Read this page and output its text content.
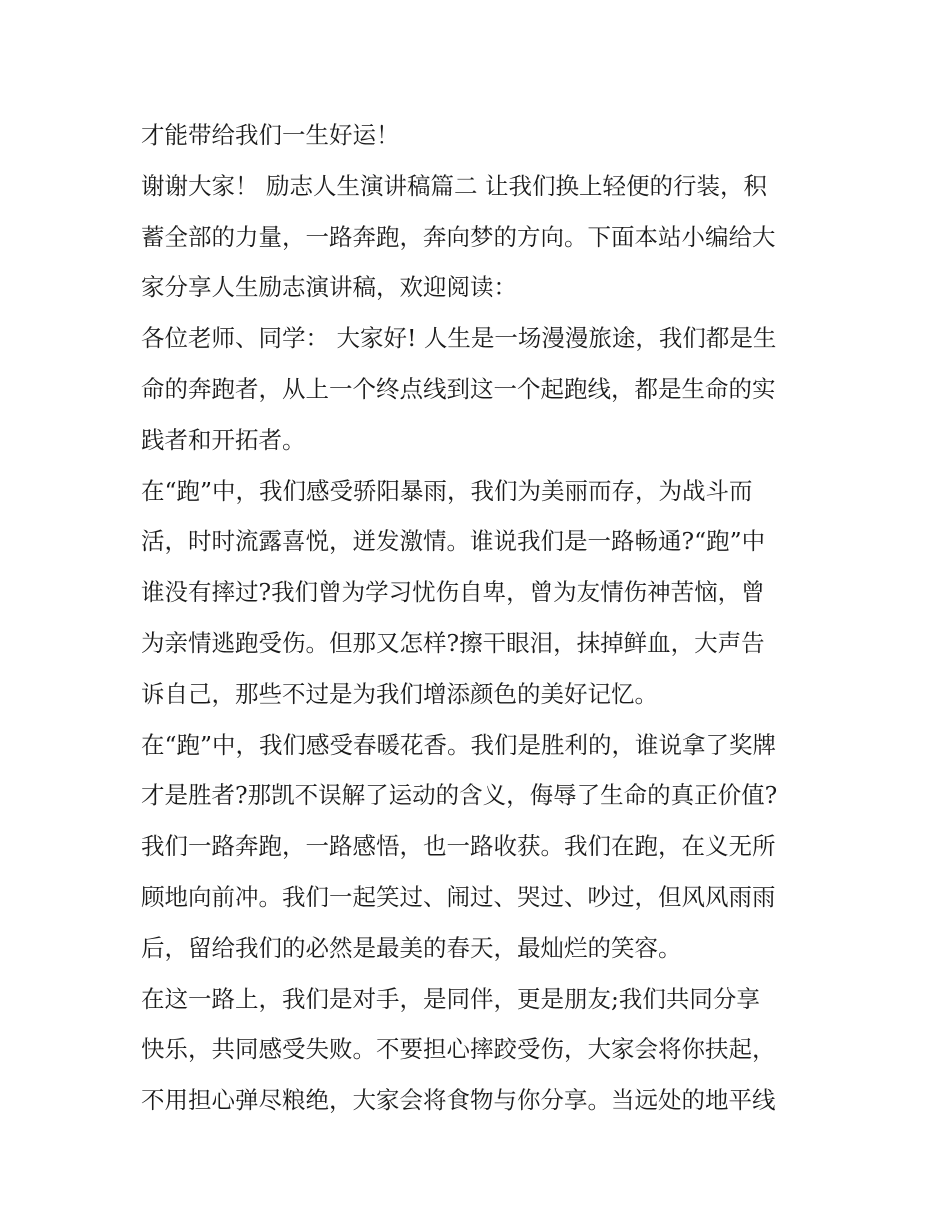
才能带给我们一生好运！
谢谢大家！ 励志人生演讲稿篇二 让我们换上轻便的行装，积
蓄全部的力量，一路奔跑，奔向梦的方向。下面本站小编给大
家分享人生励志演讲稿，欢迎阅读：
各位老师、同学： 大家好! 人生是一场漫漫旅途，我们都是生
命的奔跑者，从上一个终点线到这一个起跑线，都是生命的实
践者和开拓者。
在“跑”中，我们感受骄阳暴雨，我们为美丽而存，为战斗而
活，时时流露喜悦，迸发激情。谁说我们是一路畅通?“跑”中
谁没有摔过?我们曾为学习忧伤自卑，曾为友情伤神苦恼，曾
为亲情逃跑受伤。但那又怎样?擦干眼泪，抹掉鲜血，大声告
诉自己，那些不过是为我们增添颜色的美好记忆。
在“跑”中，我们感受春暖花香。我们是胜利的，谁说拿了奖牌
才是胜者?那凯不误解了运动的含义，侮辱了生命的真正价值?
我们一路奔跑，一路感悟，也一路收获。我们在跑，在义无所
顾地向前冲。我们一起笑过、闹过、哭过、吵过，但风风雨雨
后，留给我们的必然是最美的春天，最灿烂的笑容。
在这一路上，我们是对手，是同伴，更是朋友;我们共同分享
快乐，共同感受失败。不要担心摔跤受伤，大家会将你扶起，
不用担心弹尽粮绝，大家会将食物与你分享。当远处的地平线
